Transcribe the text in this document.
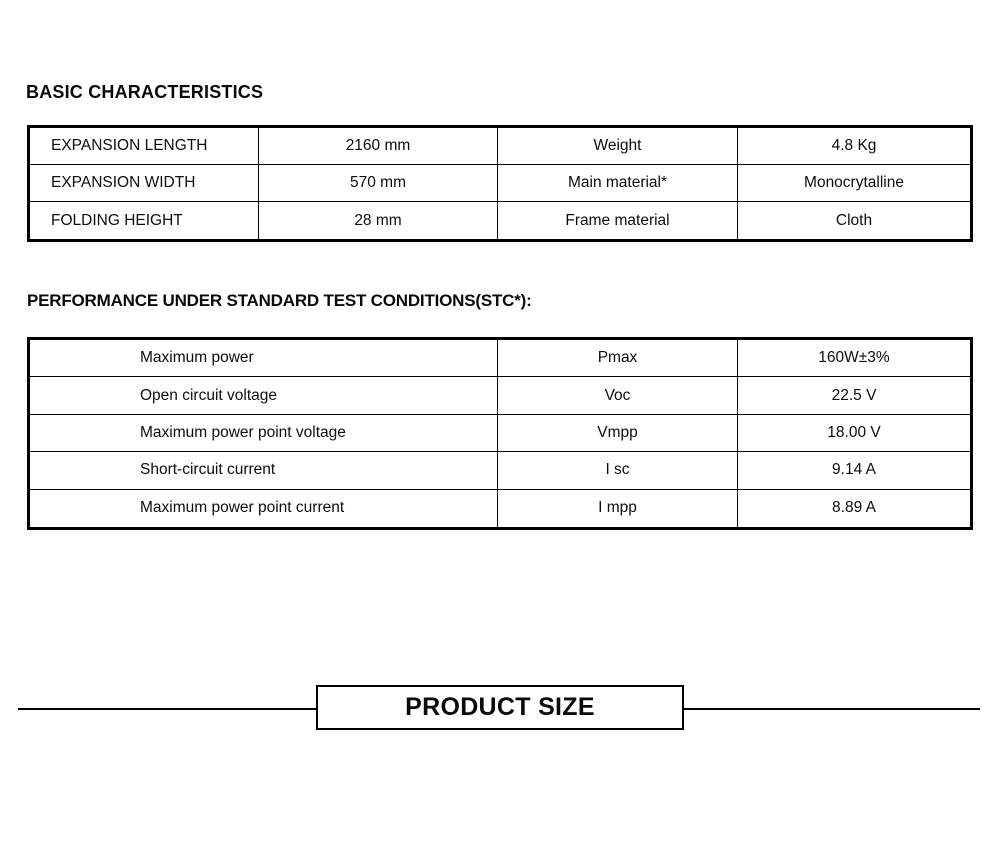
BASIC CHARACTERISTICS
EXPANSION LENGTH	2160 mm	Weight	4.8 Kg
EXPANSION WIDTH	570 mm	Main material*	Monocrytalline
FOLDING HEIGHT	28 mm	Frame material	Cloth
PERFORMANCE UNDER STANDARD TEST CONDITIONS(STC*):
Maximum power	Pmax	160W±3%
Open circuit voltage	Voc	22.5 V
Maximum power point voltage	Vmpp	18.00 V
Short-circuit current	I sc	9.14 A
Maximum power point current	I mpp	8.89 A
PRODUCT SIZE
